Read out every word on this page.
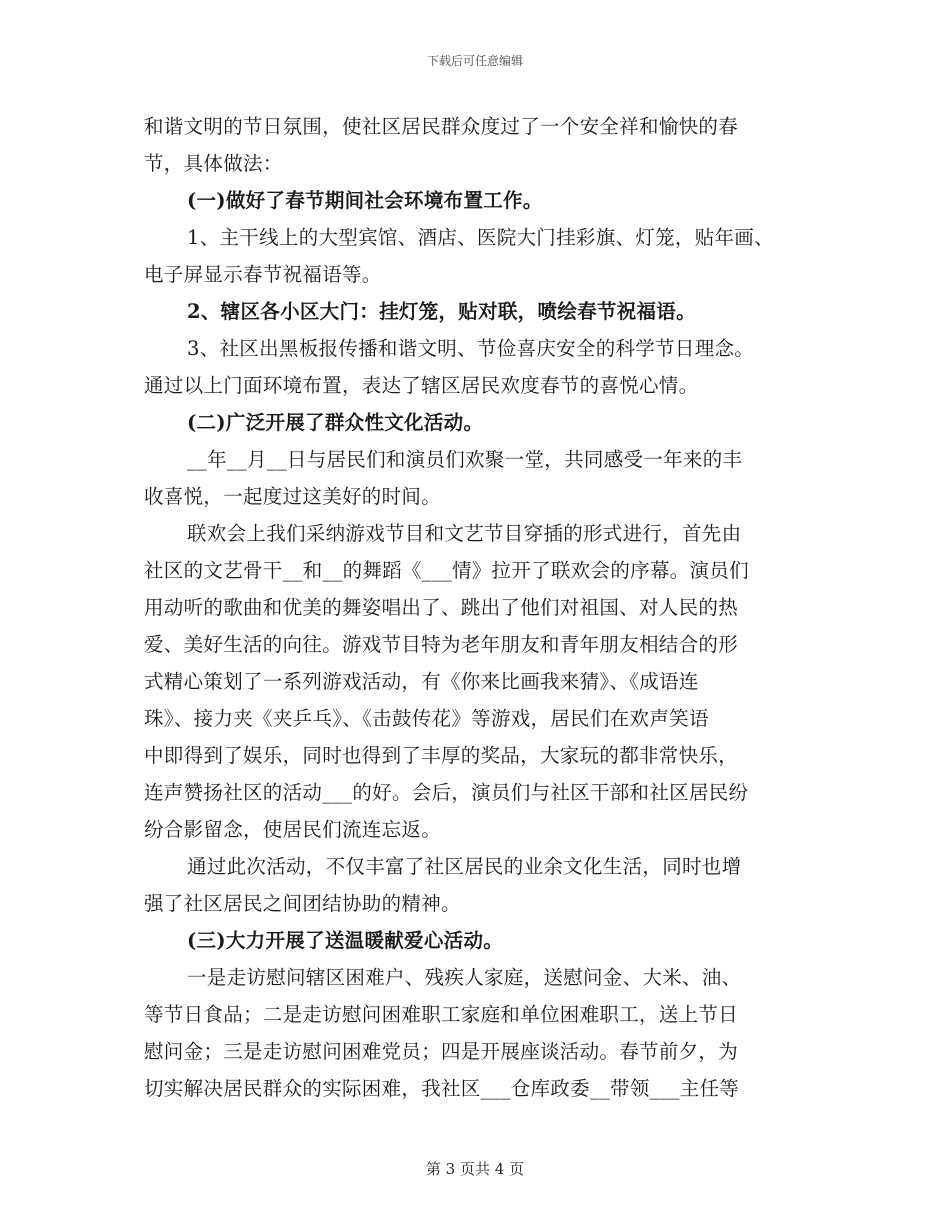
下载后可任意编辑
和谐文明的节日氛围，使社区居民群众度过了一个安全祥和愉快的春
节，具体做法：
(一)做好了春节期间社会环境布置工作。
1、主干线上的大型宾馆、酒店、医院大门挂彩旗、灯笼，贴年画、
电子屏显示春节祝福语等。
2、辖区各小区大门：挂灯笼，贴对联，喷绘春节祝福语。
3、社区出黑板报传播和谐文明、节俭喜庆安全的科学节日理念。
通过以上门面环境布置，表达了辖区居民欢度春节的喜悦心情。
(二)广泛开展了群众性文化活动。
__年__月__日与居民们和演员们欢聚一堂，共同感受一年来的丰
收喜悦，一起度过这美好的时间。
联欢会上我们采纳游戏节目和文艺节目穿插的形式进行，首先由
社区的文艺骨干__和__的舞蹈《___情》拉开了联欢会的序幕。演员们
用动听的歌曲和优美的舞姿唱出了、跳出了他们对祖国、对人民的热
爱、美好生活的向往。游戏节目特为老年朋友和青年朋友相结合的形
式精心策划了一系列游戏活动，有《你来比画我来猜》、《成语连
珠》、接力夹《夹乒乓》、《击鼓传花》等游戏，居民们在欢声笑语
中即得到了娱乐，同时也得到了丰厚的奖品，大家玩的都非常快乐，
连声赞扬社区的活动___的好。会后，演员们与社区干部和社区居民纷
纷合影留念，使居民们流连忘返。
通过此次活动，不仅丰富了社区居民的业余文化生活，同时也增
强了社区居民之间团结协助的精神。
(三)大力开展了送温暖献爱心活动。
一是走访慰问辖区困难户、残疾人家庭，送慰问金、大米、油、
等节日食品；二是走访慰问困难职工家庭和单位困难职工，送上节日
慰问金；三是走访慰问困难党员；四是开展座谈活动。春节前夕，为
切实解决居民群众的实际困难，我社区___仓库政委__带领___主任等
第 3 页共 4 页
